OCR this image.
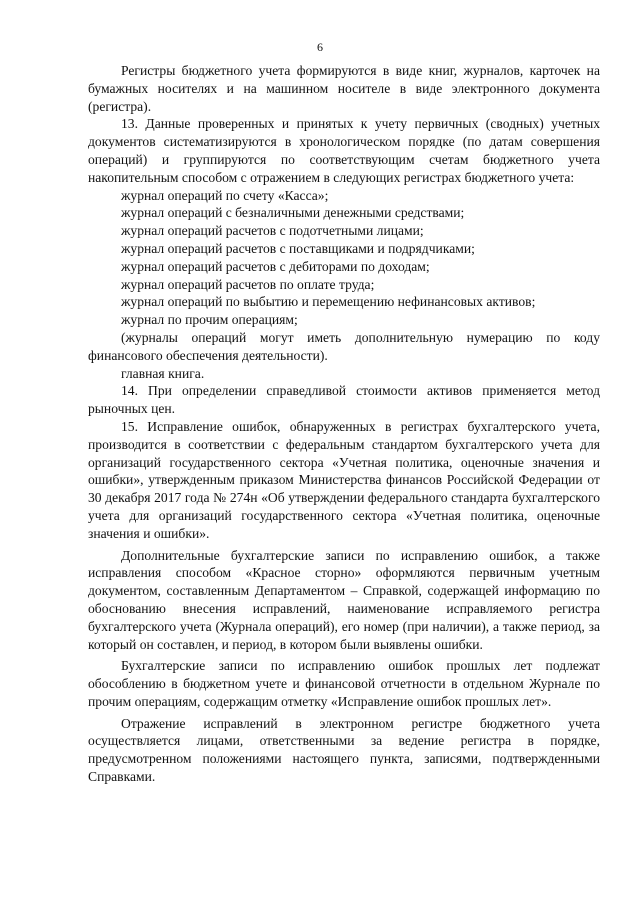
6

Регистры бюджетного учета формируются в виде книг, журналов, карточек на бумажных носителях и на машинном носителе в виде электронного документа (регистра).

13. Данные проверенных и принятых к учету первичных (сводных) учетных документов систематизируются в хронологическом порядке (по датам совершения операций) и группируются по соответствующим счетам бюджетного учета накопительным способом с отражением в следующих регистрах бюджетного учета:

журнал операций по счету «Касса»;

журнал операций с безналичными денежными средствами;

журнал операций расчетов с подотчетными лицами;

журнал операций расчетов с поставщиками и подрядчиками;

журнал операций расчетов с дебиторами по доходам;

журнал операций расчетов по оплате труда;

журнал операций по выбытию и перемещению нефинансовых активов;

журнал по прочим операциям;

(журналы операций могут иметь дополнительную нумерацию по коду финансового обеспечения деятельности).

главная книга.

14. При определении справедливой стоимости активов применяется метод рыночных цен.

15. Исправление ошибок, обнаруженных в регистрах бухгалтерского учета, производится в соответствии с федеральным стандартом бухгалтерского учета для организаций государственного сектора «Учетная политика, оценочные значения и ошибки», утвержденным приказом Министерства финансов Российской Федерации от 30 декабря 2017 года № 274н «Об утверждении федерального стандарта бухгалтерского учета для организаций государственного сектора «Учетная политика, оценочные значения и ошибки».

Дополнительные бухгалтерские записи по исправлению ошибок, а также исправления способом «Красное сторно» оформляются первичным учетным документом, составленным Департаментом – Справкой, содержащей информацию по обоснованию внесения исправлений, наименование исправляемого регистра бухгалтерского учета (Журнала операций), его номер (при наличии), а также период, за который он составлен, и период, в котором были выявлены ошибки.

Бухгалтерские записи по исправлению ошибок прошлых лет подлежат обособлению в бюджетном учете и финансовой отчетности в отдельном Журнале по прочим операциям, содержащим отметку «Исправление ошибок прошлых лет».

Отражение исправлений в электронном регистре бюджетного учета осуществляется лицами, ответственными за ведение регистра в порядке, предусмотренном положениями настоящего пункта, записями, подтвержденными Справками.
